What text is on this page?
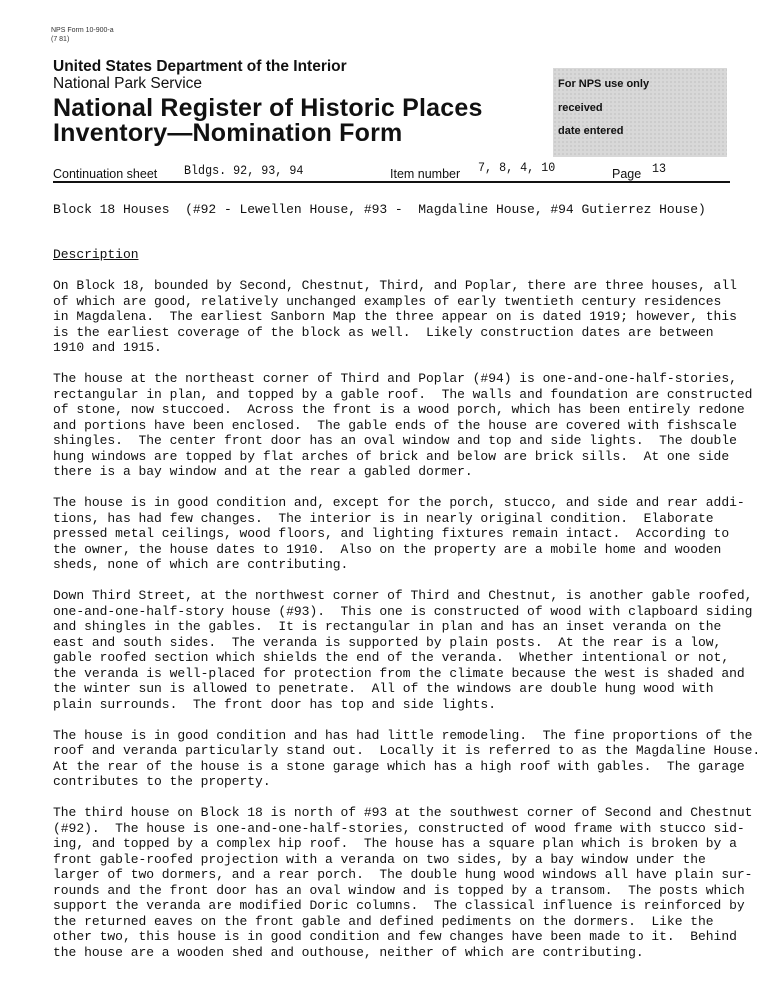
NPS Form 10-900-a
(7 81)
United States Department of the Interior
National Park Service
National Register of Historic Places
Inventory—Nomination Form
For NPS use only
received
date entered
Continuation sheet Bldgs. 92, 93, 94	Item number 7, 8, 4, 10	Page 13
Block 18 Houses  (#92 - Lewellen House, #93 -  Magdaline House, #94 Gutierrez House)
Description

On Block 18, bounded by Second, Chestnut, Third, and Poplar, there are three houses, all
of which are good, relatively unchanged examples of early twentieth century residences
in Magdalena.  The earliest Sanborn Map the three appear on is dated 1919; however, this
is the earliest coverage of the block as well.  Likely construction dates are between
1910 and 1915.

The house at the northeast corner of Third and Poplar (#94) is one-and-one-half-stories,
rectangular in plan, and topped by a gable roof.  The walls and foundation are constructed
of stone, now stuccoed.  Across the front is a wood porch, which has been entirely redone
and portions have been enclosed.  The gable ends of the house are covered with fishscale
shingles.  The center front door has an oval window and top and side lights.  The double
hung windows are topped by flat arches of brick and below are brick sills.  At one side
there is a bay window and at the rear a gabled dormer.

The house is in good condition and, except for the porch, stucco, and side and rear addi-
tions, has had few changes.  The interior is in nearly original condition.  Elaborate
pressed metal ceilings, wood floors, and lighting fixtures remain intact.  According to
the owner, the house dates to 1910.  Also on the property are a mobile home and wooden
sheds, none of which are contributing.

Down Third Street, at the northwest corner of Third and Chestnut, is another gable roofed,
one-and-one-half-story house (#93).  This one is constructed of wood with clapboard siding
and shingles in the gables.  It is rectangular in plan and has an inset veranda on the
east and south sides.  The veranda is supported by plain posts.  At the rear is a low,
gable roofed section which shields the end of the veranda.  Whether intentional or not,
the veranda is well-placed for protection from the climate because the west is shaded and
the winter sun is allowed to penetrate.  All of the windows are double hung wood with
plain surrounds.  The front door has top and side lights.

The house is in good condition and has had little remodeling.  The fine proportions of the
roof and veranda particularly stand out.  Locally it is referred to as the Magdaline House.
At the rear of the house is a stone garage which has a high roof with gables.  The garage
contributes to the property.

The third house on Block 18 is north of #93 at the southwest corner of Second and Chestnut
(#92).  The house is one-and-one-half-stories, constructed of wood frame with stucco sid-
ing, and topped by a complex hip roof.  The house has a square plan which is broken by a
front gable-roofed projection with a veranda on two sides, by a bay window under the
larger of two dormers, and a rear porch.  The double hung wood windows all have plain sur-
rounds and the front door has an oval window and is topped by a transom.  The posts which
support the veranda are modified Doric columns.  The classical influence is reinforced by
the returned eaves on the front gable and defined pediments on the dormers.  Like the
other two, this house is in good condition and few changes have been made to it.  Behind
the house are a wooden shed and outhouse, neither of which are contributing.
